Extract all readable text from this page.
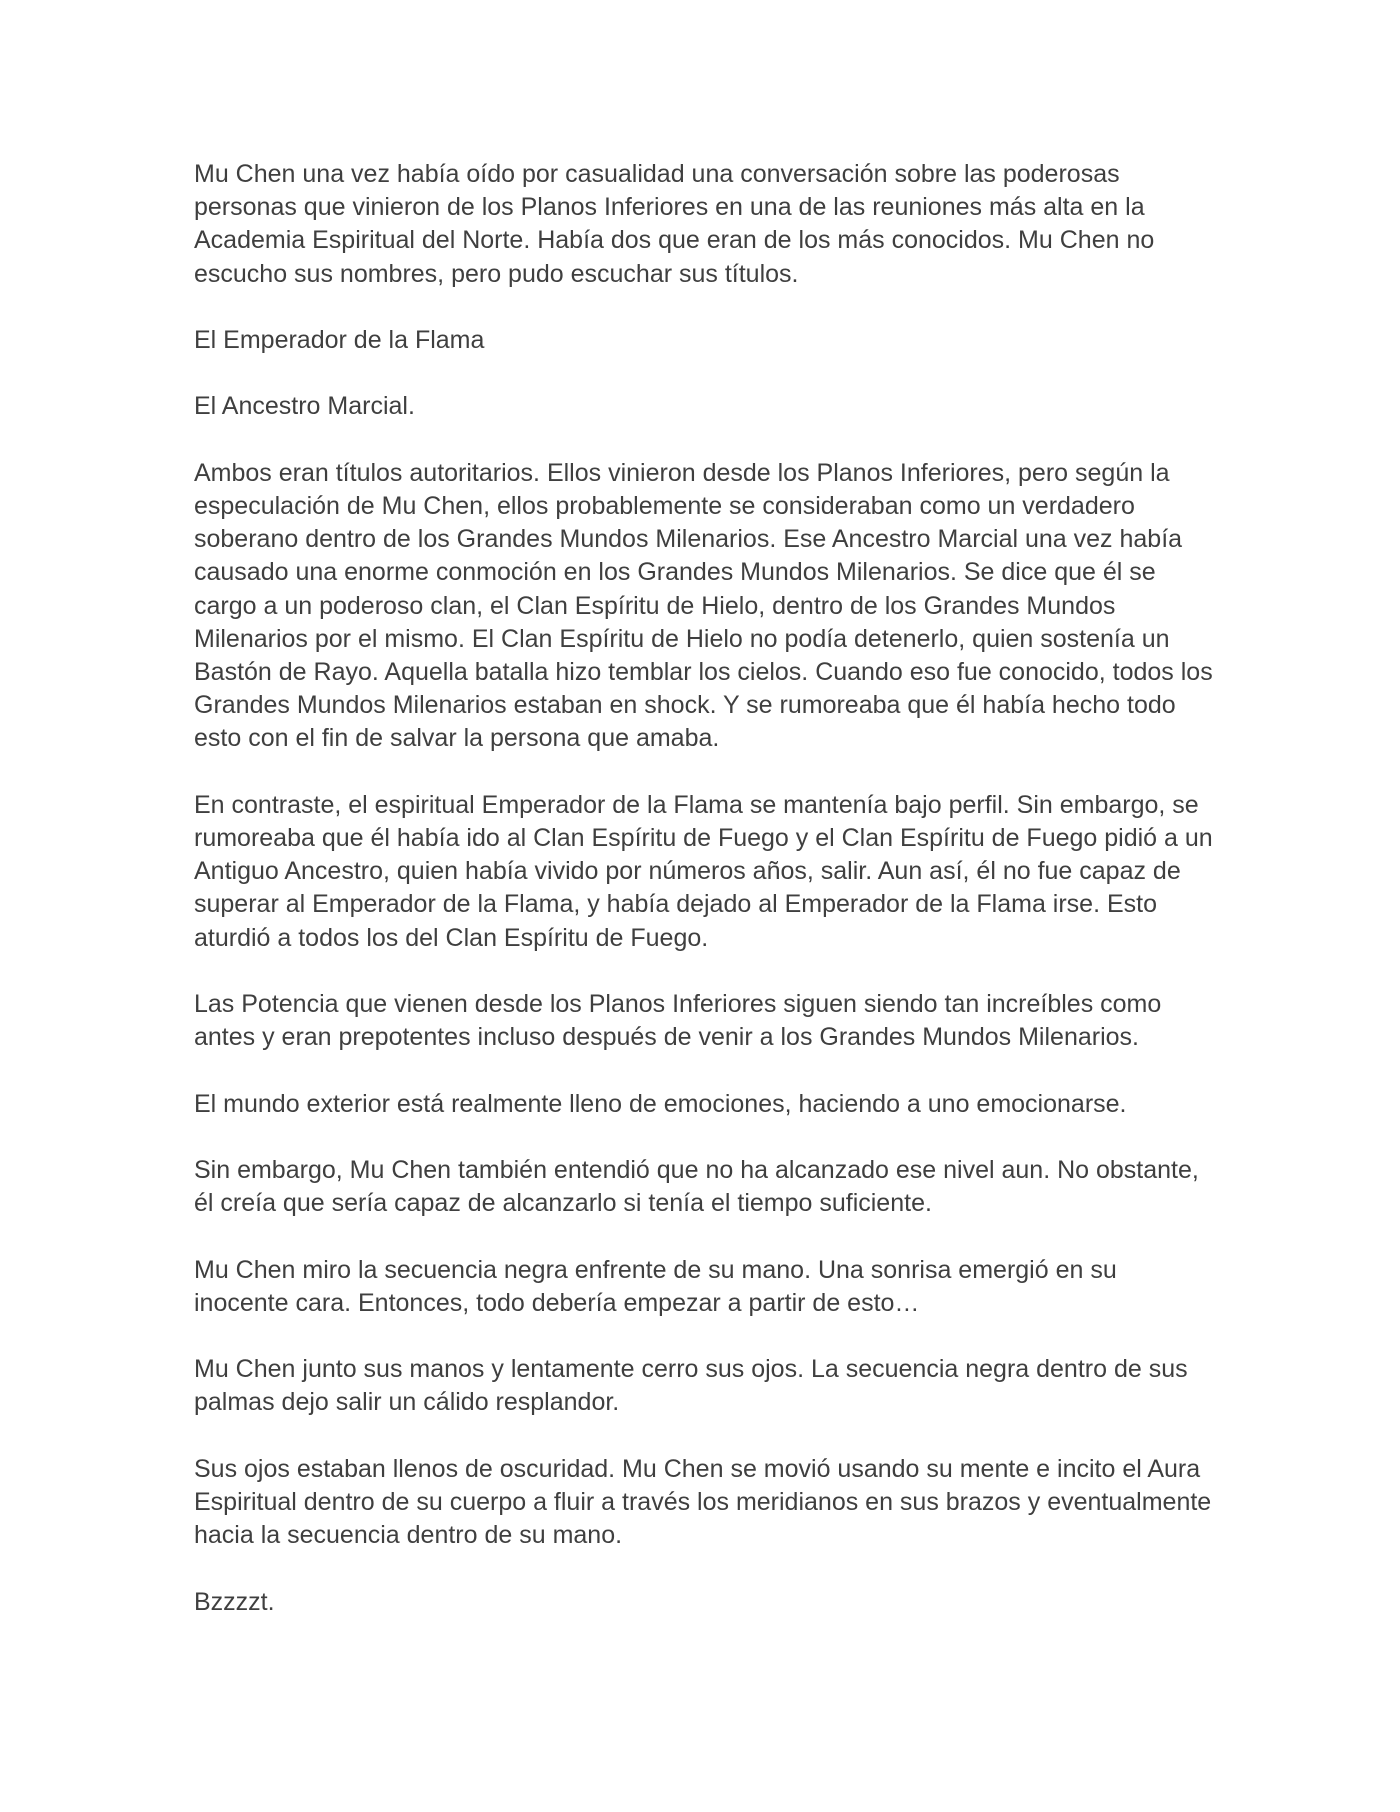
Mu Chen una vez había oído por casualidad una conversación sobre las poderosas personas que vinieron de los Planos Inferiores en una de las reuniones más alta en la Academia Espiritual del Norte. Había dos que eran de los más conocidos. Mu Chen no escucho sus nombres, pero pudo escuchar sus títulos.

El Emperador de la Flama

El Ancestro Marcial.

Ambos eran títulos autoritarios. Ellos vinieron desde los Planos Inferiores, pero según la especulación de Mu Chen, ellos probablemente se consideraban como un verdadero soberano dentro de los Grandes Mundos Milenarios. Ese Ancestro Marcial una vez había causado una enorme conmoción en los Grandes Mundos Milenarios. Se dice que él se cargo a un poderoso clan, el Clan Espíritu de Hielo, dentro de los Grandes Mundos Milenarios por el mismo. El Clan Espíritu de Hielo no podía detenerlo, quien sostenía un Bastón de Rayo. Aquella batalla hizo temblar los cielos. Cuando eso fue conocido, todos los Grandes Mundos Milenarios estaban en shock. Y se rumoreaba que él había hecho todo esto con el fin de salvar la persona que amaba.

En contraste, el espiritual Emperador de la Flama se mantenía bajo perfil. Sin embargo, se rumoreaba que él había ido al Clan Espíritu de Fuego y el Clan Espíritu de Fuego pidió a un Antiguo Ancestro, quien había vivido por números años, salir. Aun así, él no fue capaz de superar al Emperador de la Flama, y había dejado al Emperador de la Flama irse. Esto aturdió a todos los del Clan Espíritu de Fuego.

Las Potencia que vienen desde los Planos Inferiores siguen siendo tan increíbles como antes y eran prepotentes incluso después de venir a los Grandes Mundos Milenarios.

El mundo exterior está realmente lleno de emociones, haciendo a uno emocionarse.

Sin embargo, Mu Chen también entendió que no ha alcanzado ese nivel aun. No obstante, él creía que sería capaz de alcanzarlo si tenía el tiempo suficiente.

Mu Chen miro la secuencia negra enfrente de su mano. Una sonrisa emergió en su inocente cara. Entonces, todo debería empezar a partir de esto…

Mu Chen junto sus manos y lentamente cerro sus ojos. La secuencia negra dentro de sus palmas dejo salir un cálido resplandor.

Sus ojos estaban llenos de oscuridad. Mu Chen se movió usando su mente e incito el Aura Espiritual dentro de su cuerpo a fluir a través los meridianos en sus brazos y eventualmente hacia la secuencia dentro de su mano.

Bzzzzt.
